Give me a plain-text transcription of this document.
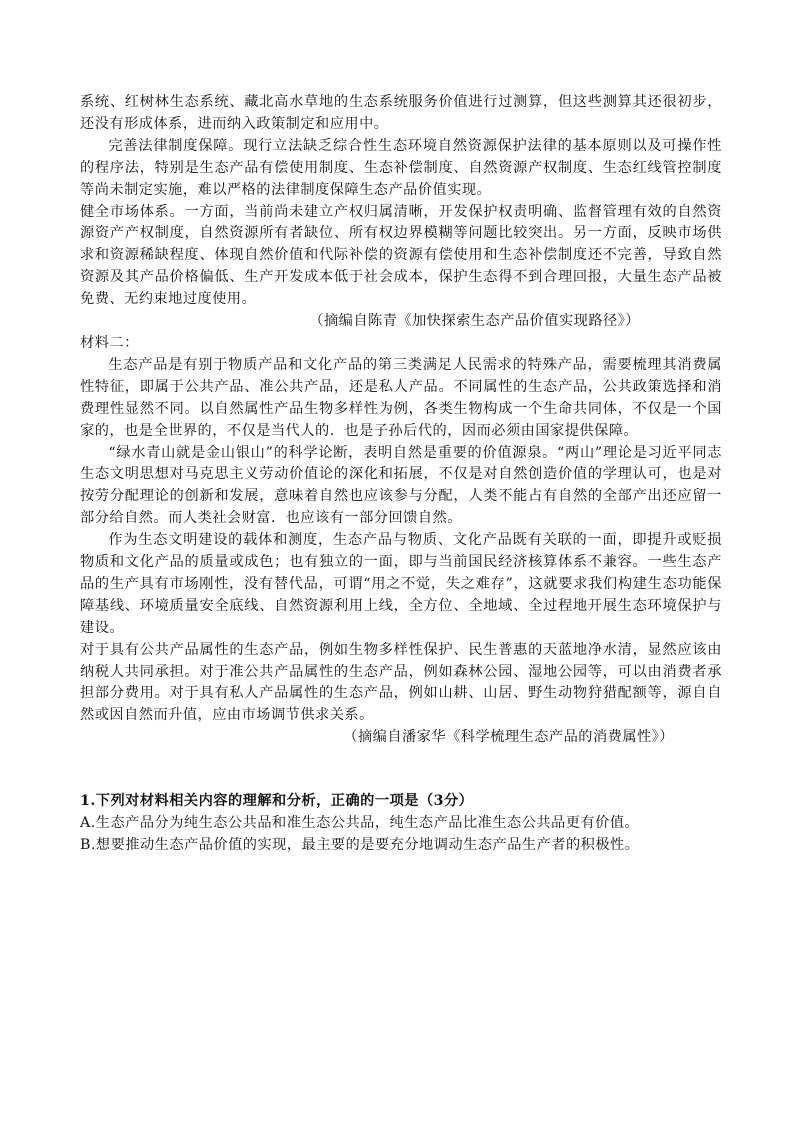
系统、红树林生态系统、藏北高水草地的生态系统服务价值进行过测算，但这些测算其还很初步，还没有形成体系，进而纳入政策制定和应用中。

完善法律制度保障。现行立法缺乏综合性生态环境自然资源保护法律的基本原则以及可操作性的程序法，特别是生态产品有偿使用制度、生态补偿制度、自然资源产权制度、生态红线管控制度等尚未制定实施，难以严格的法律制度保障生态产品价值实现。

健全市场体系。一方面，当前尚未建立产权归属清晰，开发保护权责明确、监督管理有效的自然资源资产产权制度，自然资源所有者缺位、所有权边界模糊等问题比较突出。另一方面，反映市场供求和资源稀缺程度、体现自然价值和代际补偿的资源有偿使用和生态补偿制度还不完善，导致自然资源及其产品价格偏低、生产开发成本低于社会成本，保护生态得不到合理回报，大量生态产品被免费、无约束地过度使用。

（摘编自陈青《加快探索生态产品价值实现路径》）

材料二：

生态产品是有别于物质产品和文化产品的第三类满足人民需求的特殊产品，需要梳理其消费属性特征，即属于公共产品、准公共产品，还是私人产品。不同属性的生态产品，公共政策选择和消费理性显然不同。以自然属性产品生物多样性为例，各类生物构成一个生命共同体，不仅是一个国家的，也是全世界的，不仅是当代人的．也是子孙后代的，因而必须由国家提供保障。

“绿水青山就是金山银山”的科学论断，表明自然是重要的价值源泉。“两山”理论是习近平同志生态文明思想对马克思主义劳动价值论的深化和拓展，不仅是对自然创造价值的学理认可，也是对按劳分配理论的创新和发展，意味着自然也应该参与分配，人类不能占有自然的全部产出还应留一部分给自然。而人类社会财富．也应该有一部分回馈自然。

作为生态文明建设的载体和测度，生态产品与物质、文化产品既有关联的一面，即提升或贬损物质和文化产品的质量或成色；也有独立的一面，即与当前国民经济核算体系不兼容。一些生态产品的生产具有市场刚性，没有替代品，可谓“用之不觉，失之难存”，这就要求我们构建生态功能保障基线、环境质量安全底线、自然资源利用上线，全方位、全地域、全过程地开展生态环境保护与建设。

对于具有公共产品属性的生态产品，例如生物多样性保护、民生普惠的天蓝地净水清，显然应该由纳税人共同承担。对于准公共产品属性的生态产品，例如森林公园、湿地公园等，可以由消费者承担部分费用。对于具有私人产品属性的生态产品，例如山耕、山居、野生动物狩猎配额等，源自自然或因自然而升值，应由市场调节供求关系。

（摘编自潘家华《科学梳理生态产品的消费属性》）

1.下列对材料相关内容的理解和分析，正确的一项是（3分）

A.生态产品分为纯生态公共品和准生态公共品，纯生态产品比准生态公共品更有价值。

B.想要推动生态产品价值的实现，最主要的是要充分地调动生态产品生产者的积极性。
